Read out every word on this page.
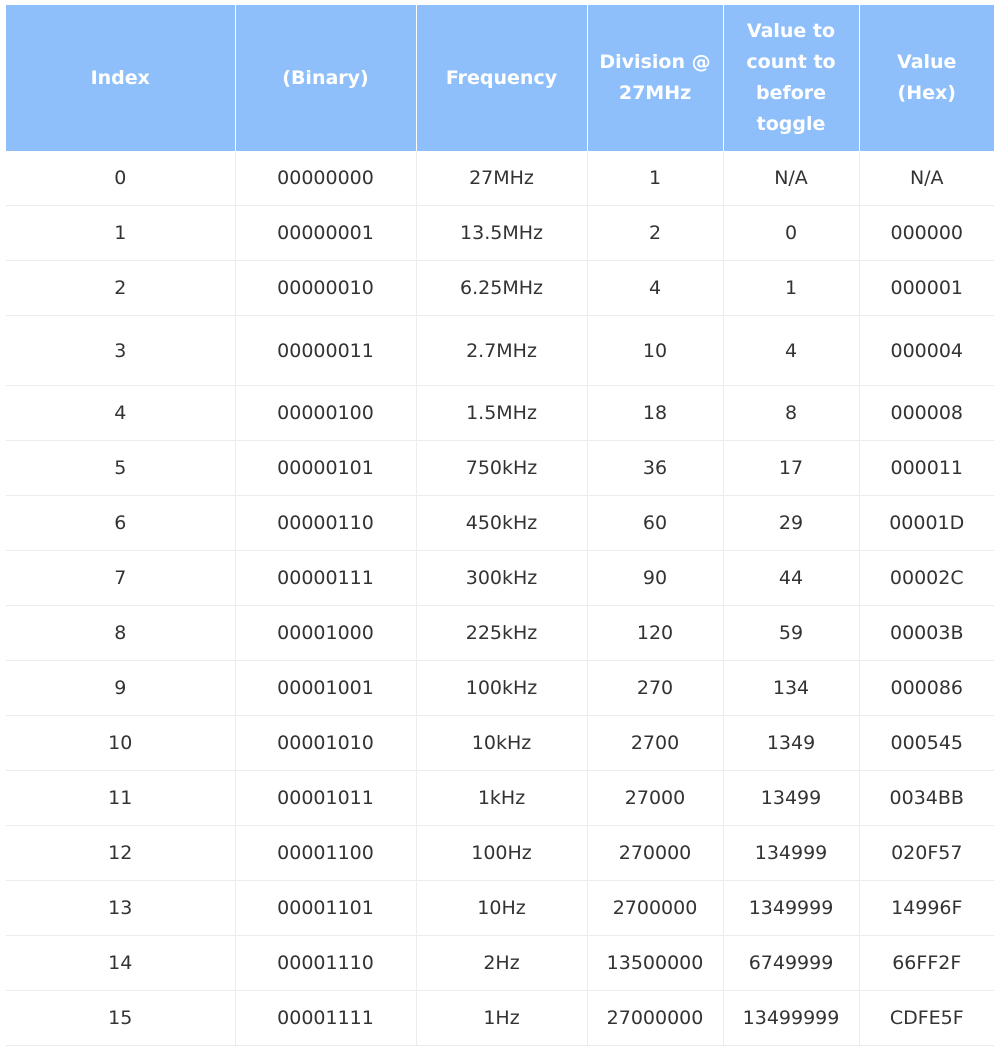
Index	(Binary)	Frequency	Division @ 27MHz	Value to count to before toggle	Value (Hex)
0	00000000	27MHz	1	N/A	N/A
1	00000001	13.5MHz	2	0	000000
2	00000010	6.25MHz	4	1	000001
3	00000011	2.7MHz	10	4	000004
4	00000100	1.5MHz	18	8	000008
5	00000101	750kHz	36	17	000011
6	00000110	450kHz	60	29	00001D
7	00000111	300kHz	90	44	00002C
8	00001000	225kHz	120	59	00003B
9	00001001	100kHz	270	134	000086
10	00001010	10kHz	2700	1349	000545
11	00001011	1kHz	27000	13499	0034BB
12	00001100	100Hz	270000	134999	020F57
13	00001101	10Hz	2700000	1349999	14996F
14	00001110	2Hz	13500000	6749999	66FF2F
15	00001111	1Hz	27000000	13499999	CDFE5F
